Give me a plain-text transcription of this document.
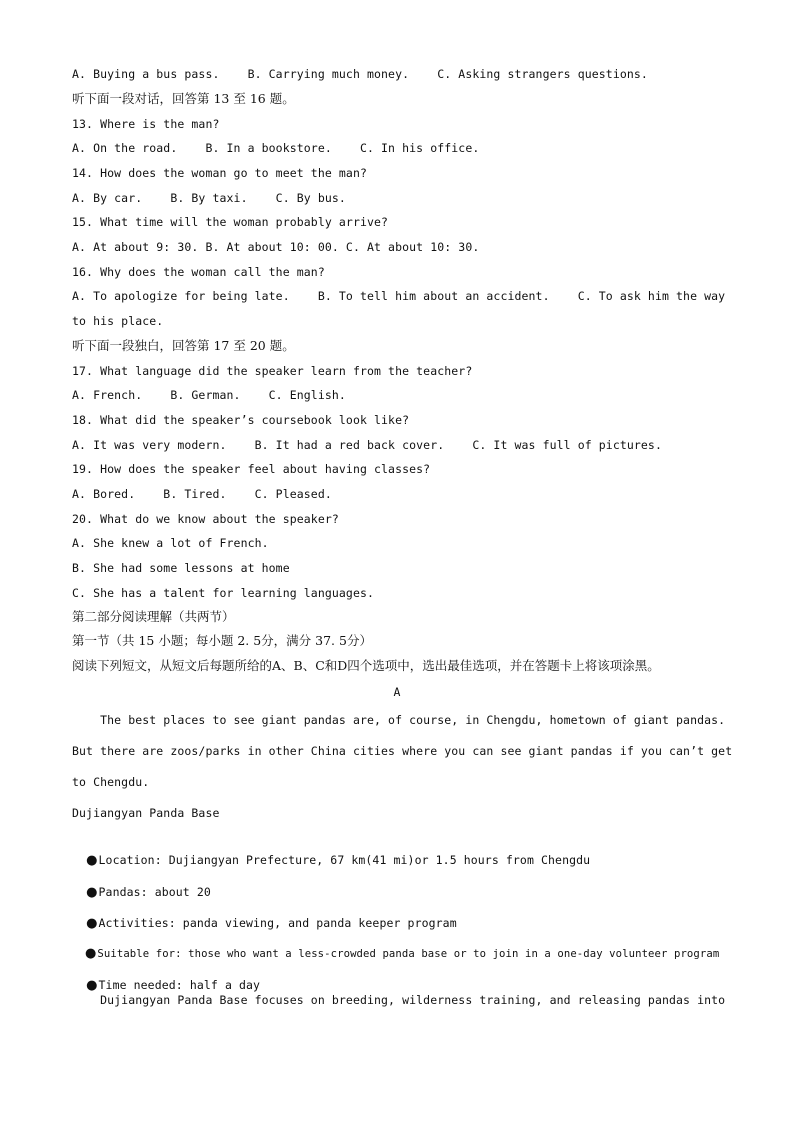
A. Buying a bus pass.    B. Carrying much money.    C. Asking strangers questions.
听下面一段对话，回答第 13 至 16 题。
13. Where is the man?
A. On the road.    B. In a bookstore.    C. In his office.
14. How does the woman go to meet the man?
A. By car.    B. By taxi.    C. By bus.
15. What time will the woman probably arrive?
A. At about 9: 30. B. At about 10: 00. C. At about 10: 30.
16. Why does the woman call the man?
A. To apologize for being late.    B. To tell him about an accident.    C. To ask him the way
to his place.
听下面一段独白，回答第 17 至 20 题。
17. What language did the speaker learn from the teacher?
A. French.    B. German.    C. English.
18. What did the speaker’s coursebook look like?
A. It was very modern.    B. It had a red back cover.    C. It was full of pictures.
19. How does the speaker feel about having classes?
A. Bored.    B. Tired.    C. Pleased.
20. What do we know about the speaker?
A. She knew a lot of French.
B. She had some lessons at home
C. She has a talent for learning languages.
第二部分阅读理解（共两节）
第一节（共 15 小题；每小题 2. 5分，满分 37. 5分）
阅读下列短文，从短文后每题所给的A、B、C和D四个选项中，选出最佳选项，并在答题卡上将该项涂黑。
A
The best places to see giant pandas are, of course, in Chengdu, hometown of giant pandas.
But there are zoos/parks in other China cities where you can see giant pandas if you can’t get
to Chengdu.
Dujiangyan Panda Base

●Location: Dujiangyan Prefecture, 67 km(41 mi)or 1.5 hours from Chengdu

●Pandas: about 20

●Activities: panda viewing, and panda keeper program

●Suitable for: those who want a less-crowded panda base or to join in a one-day volunteer program

●Time needed: half a day

Dujiangyan Panda Base focuses on breeding, wilderness training, and releasing pandas into
